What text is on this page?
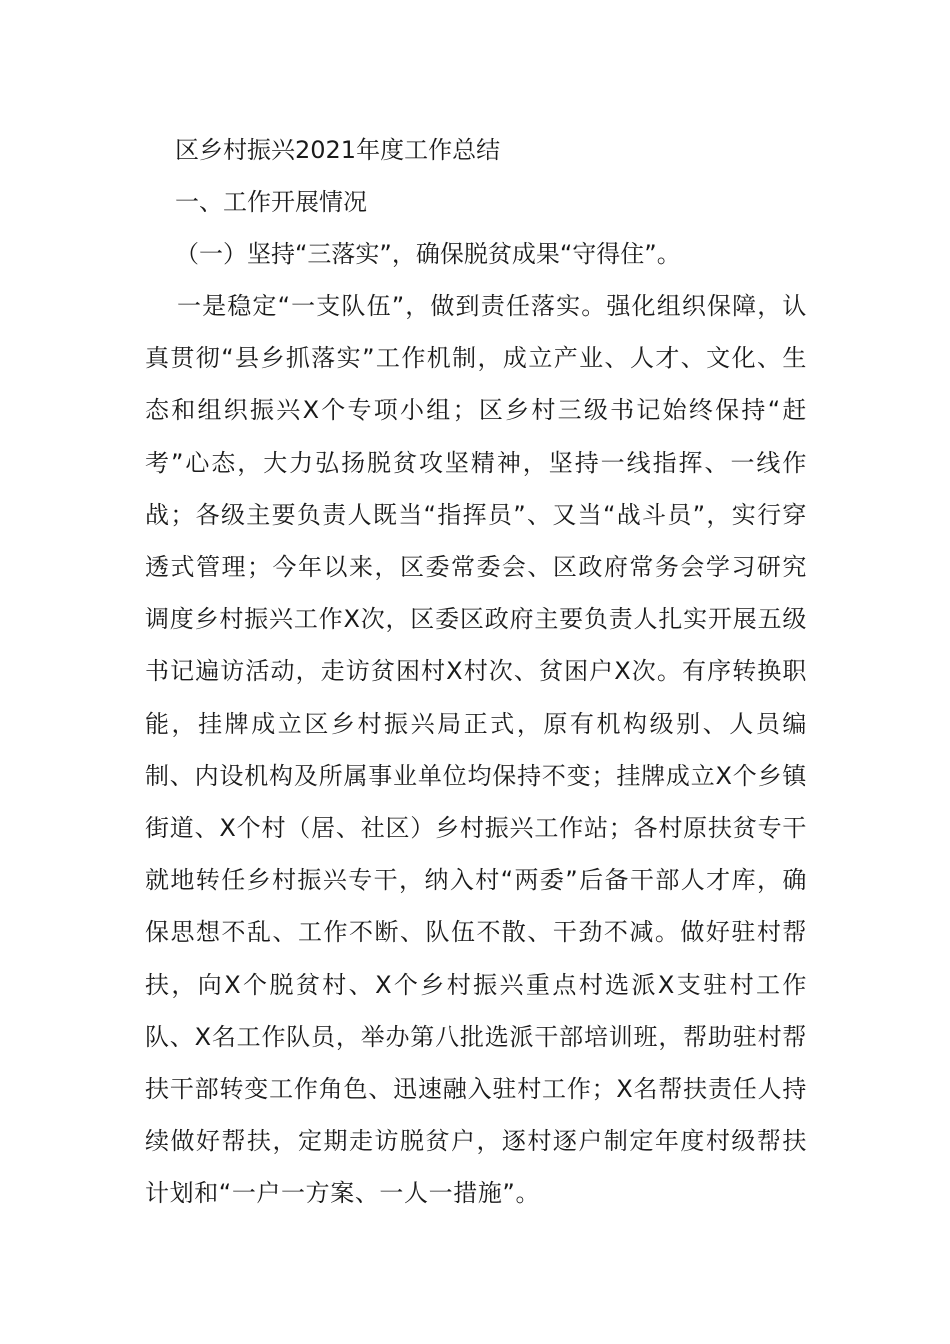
区乡村振兴2021年度工作总结

一、工作开展情况

（一）坚持“三落实”，确保脱贫成果“守得住”。

一是稳定“一支队伍”，做到责任落实。强化组织保障，认真贯彻“县乡抓落实”工作机制，成立产业、人才、文化、生态和组织振兴X个专项小组；区乡村三级书记始终保持“赶考”心态，大力弘扬脱贫攻坚精神，坚持一线指挥、一线作战；各级主要负责人既当“指挥员”、又当“战斗员”，实行穿透式管理；今年以来，区委常委会、区政府常务会学习研究调度乡村振兴工作X次，区委区政府主要负责人扎实开展五级书记遍访活动，走访贫困村X村次、贫困户X次。有序转换职能，挂牌成立区乡村振兴局正式，原有机构级别、人员编制、内设机构及所属事业单位均保持不变；挂牌成立X个乡镇街道、X个村（居、社区）乡村振兴工作站；各村原扶贫专干就地转任乡村振兴专干，纳入村“两委”后备干部人才库，确保思想不乱、工作不断、队伍不散、干劲不减。做好驻村帮扶，向X个脱贫村、X个乡村振兴重点村选派X支驻村工作队、X名工作队员，举办第八批选派干部培训班，帮助驻村帮扶干部转变工作角色、迅速融入驻村工作；X名帮扶责任人持续做好帮扶，定期走访脱贫户，逐村逐户制定年度村级帮扶计划和“一户一方案、一人一措施”。
